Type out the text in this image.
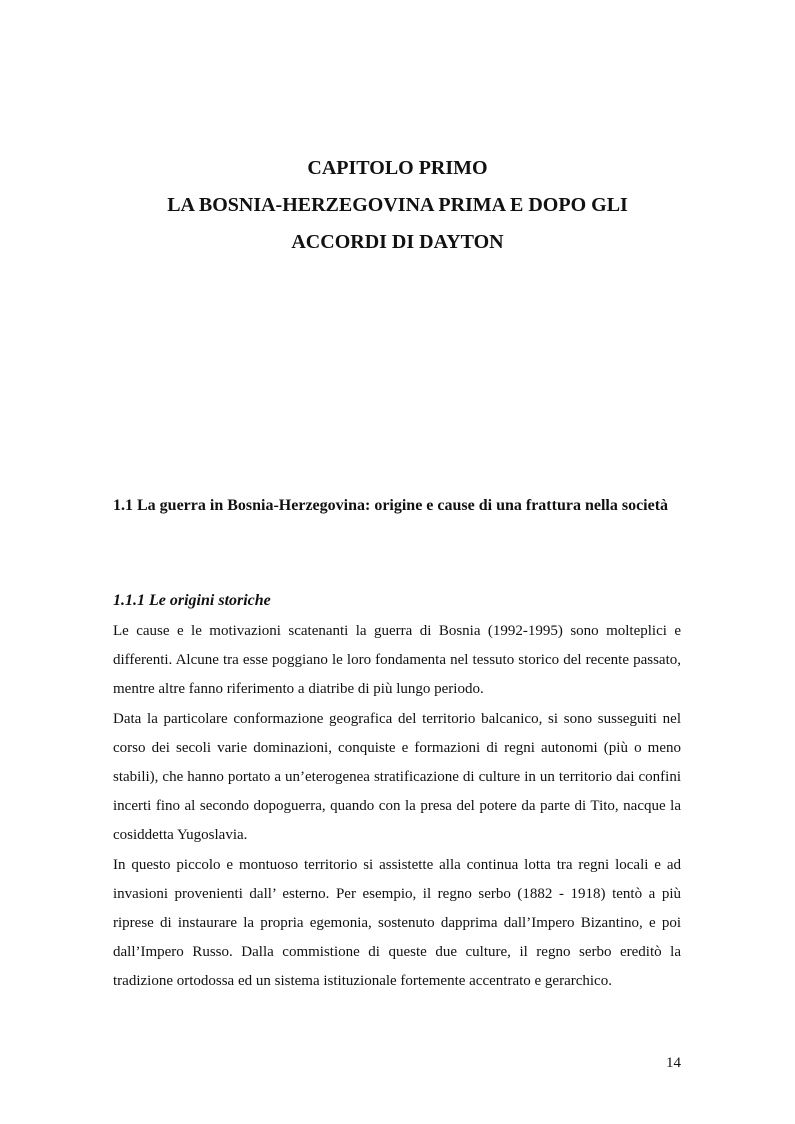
CAPITOLO PRIMO
LA BOSNIA-HERZEGOVINA PRIMA E DOPO GLI
ACCORDI DI DAYTON
1.1 La guerra in Bosnia-Herzegovina: origine e cause di una frattura nella società
1.1.1 Le origini storiche

Le cause e le motivazioni scatenanti la guerra di Bosnia (1992-1995) sono molteplici e differenti. Alcune tra esse poggiano le loro fondamenta nel tessuto storico del recente passato, mentre altre fanno riferimento a diatribe di più lungo periodo.

Data la particolare conformazione geografica del territorio balcanico, si sono susseguiti nel corso dei secoli varie dominazioni, conquiste e formazioni di regni autonomi (più o meno stabili), che hanno portato a un’eterogenea stratificazione di culture in un territorio dai confini incerti fino al secondo dopoguerra, quando con la presa del potere da parte di Tito, nacque la cosiddetta Yugoslavia.

In questo piccolo e montuoso territorio si assistette alla continua lotta tra regni locali e ad invasioni provenienti dall’ esterno. Per esempio, il regno serbo (1882 - 1918) tentò a più riprese di instaurare la propria egemonia, sostenuto dapprima dall’Impero Bizantino, e poi dall’Impero Russo. Dalla commistione di queste due culture, il regno serbo ereditò la tradizione ortodossa ed un sistema istituzionale fortemente accentrato e gerarchico.

14
